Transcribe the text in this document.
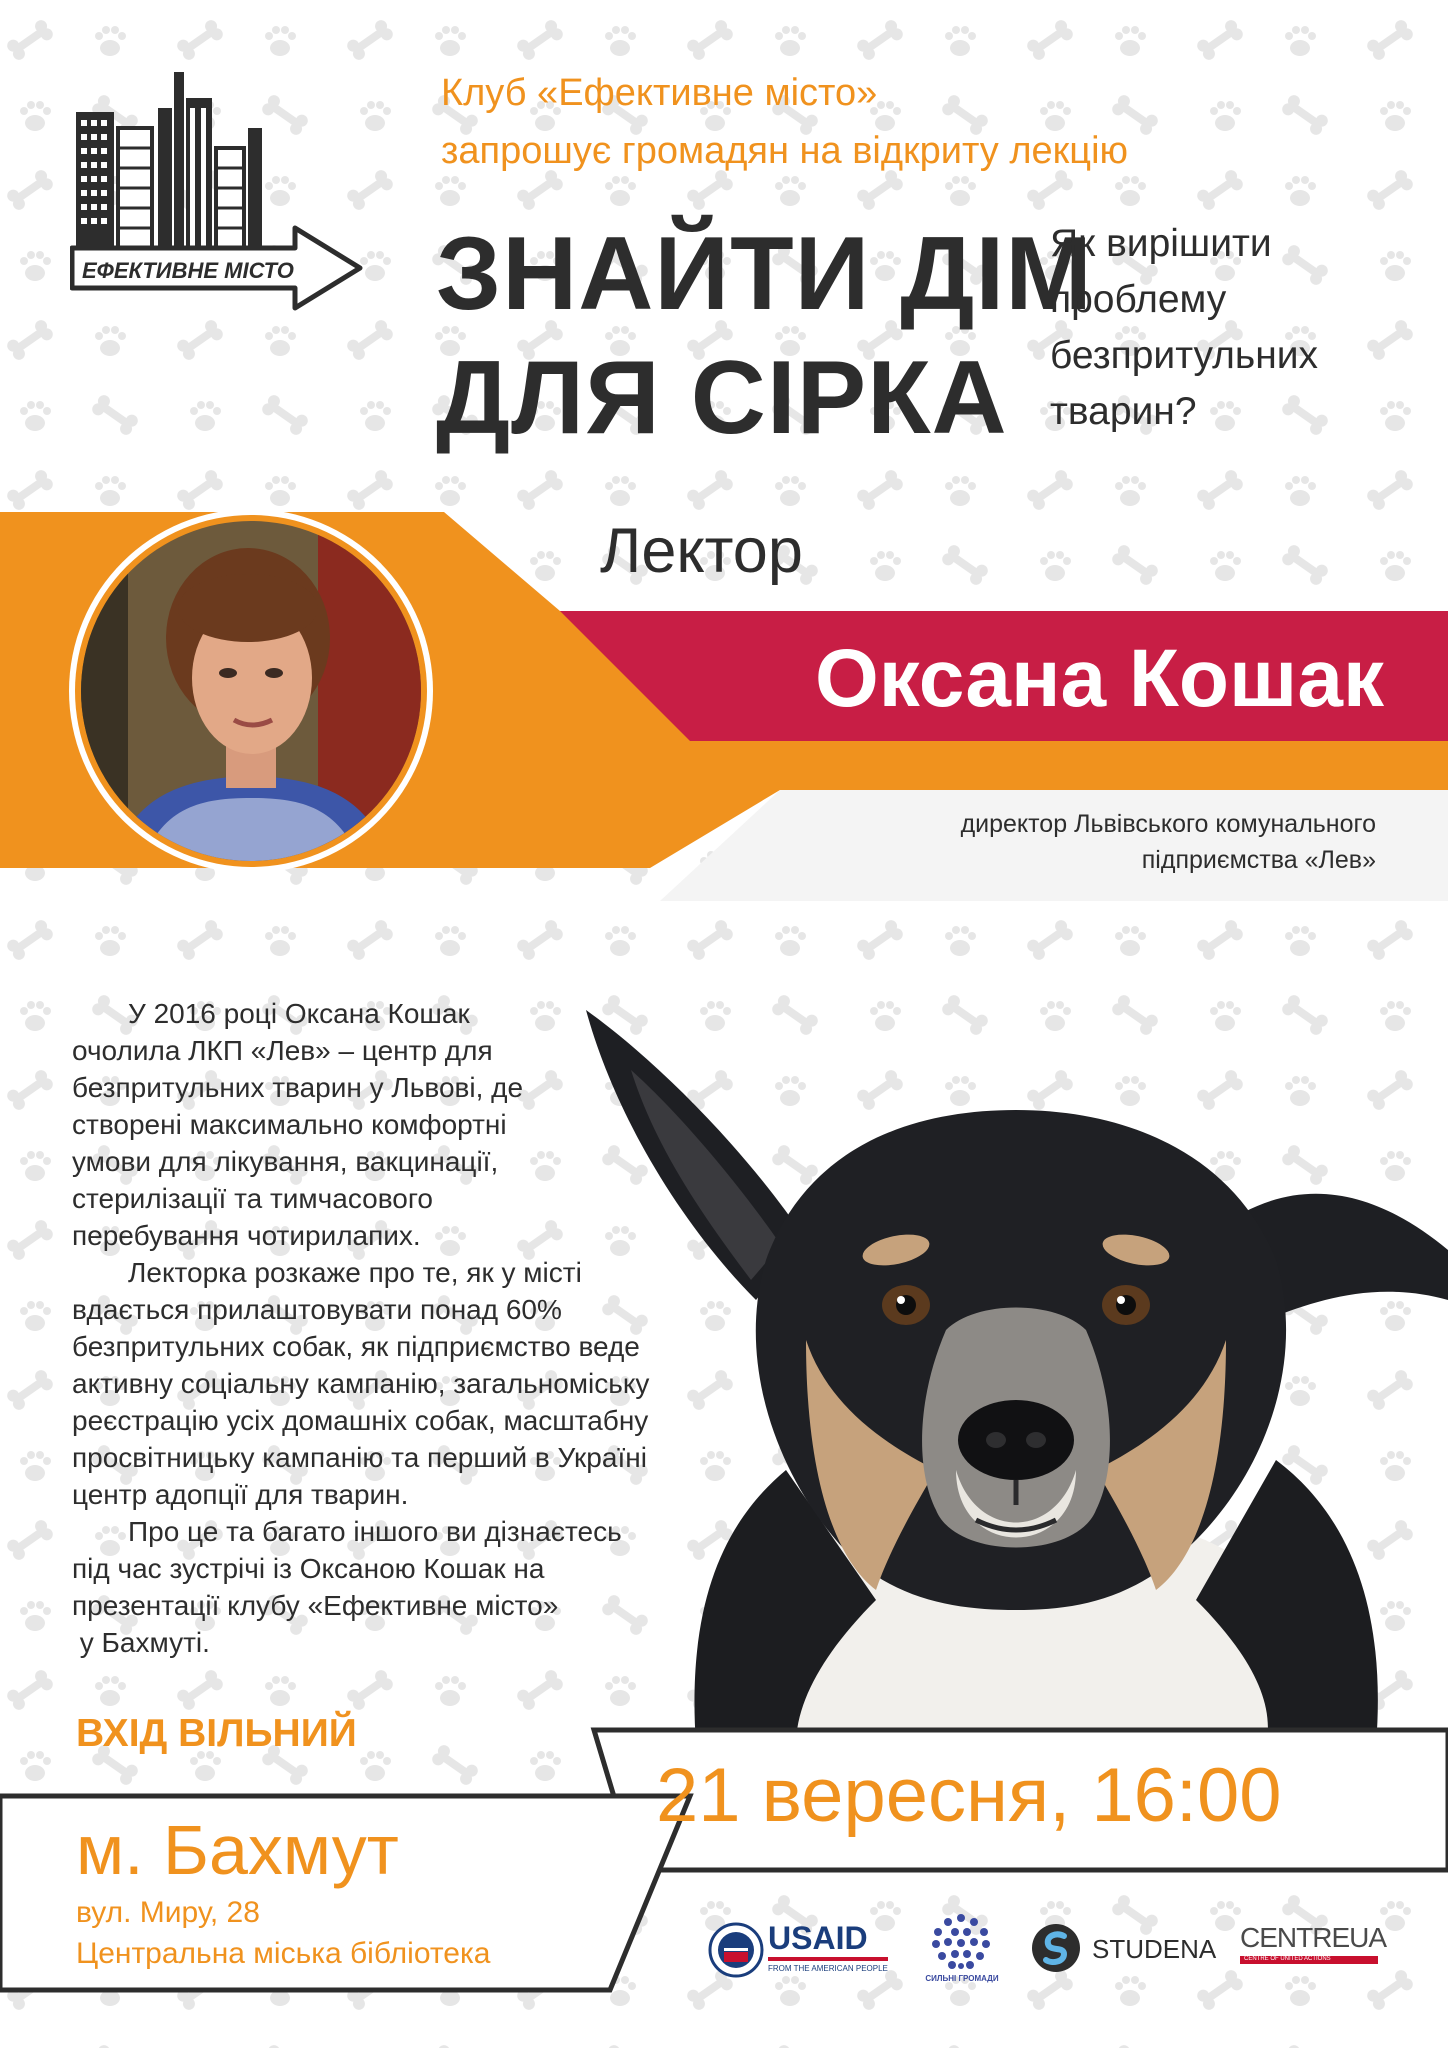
ЕФЕКТИВНЕ МІСТО
Клуб «Ефективне місто»
запрошує громадян на відкриту лекцію
ЗНАЙТИ ДІМ
ДЛЯ СІРКА
Як вирішити
проблему
безпритульних
тварин?
Лектор
Оксана Кошак
директор Львівського комунального
підприємства «Лев»
У 2016 році Оксана Кошак
очолила ЛКП «Лев» – центр для
безпритульних тварин у Львові, де
створені максимально комфортні
умови для лікування, вакцинації,
стерилізації та тимчасового
перебування чотирилапих.
Лекторка розкаже про те, як у місті
вдається прилаштовувати понад 60%
безпритульних собак, як підприємство веде
активну соціальну кампанію, загальноміську
реєстрацію усіх домашніх собак, масштабну
просвітницьку кампанію та перший в Україні
центр адопції для тварин.
Про це та багато іншого ви дізнаєтесь
під час зустрічі із Оксаною Кошак на
презентації клубу «Ефективне місто»
у Бахмуті.
ВХІД ВІЛЬНИЙ
21 вересня, 16:00
м. Бахмут
вул. Миру, 28
Центральна міська бібліотека	USAID
FROM THE AMERICAN PEOPLE
СИЛЬНІ ГРОМАДИ
STUDENA CENTREUA
CENTRE OF UNITED ACTIONS
